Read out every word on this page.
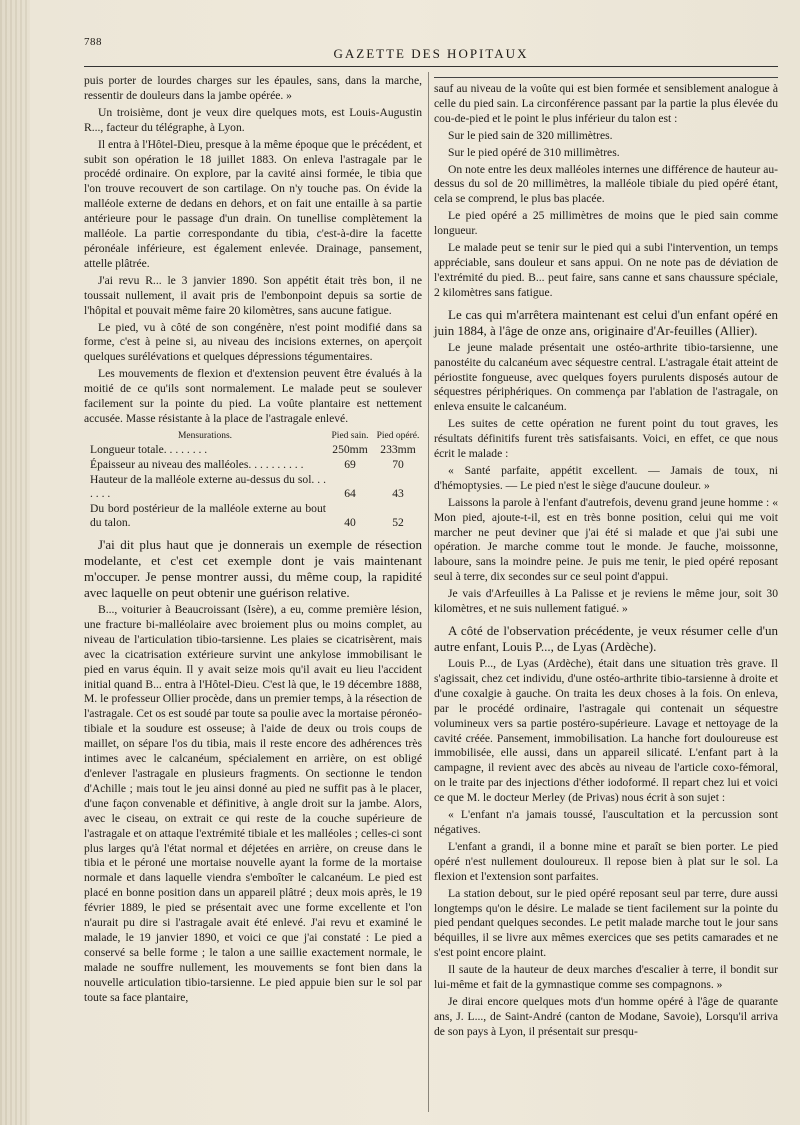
788
GAZETTE DES HOPITAUX

puis porter de lourdes charges sur les épaules, sans, dans la marche, ressentir de douleurs dans la jambe opérée. »

Un troisième, dont je veux dire quelques mots, est Louis-Augustin R..., facteur du télégraphe, à Lyon.

Il entra à l'Hôtel-Dieu, presque à la même époque que le précédent, et subit son opération le 18 juillet 1883. On enleva l'astragale par le procédé ordinaire. On explore, par la cavité ainsi formée, le tibia que l'on trouve recouvert de son cartilage. On n'y touche pas. On évide la malléole externe de dedans en dehors, et on fait une entaille à sa partie antérieure pour le passage d'un drain. On tunellise complètement la malléole. La partie correspondante du tibia, c'est-à-dire la facette péronéale inférieure, est également enlevée. Drainage, pansement, attelle plâtrée.

J'ai revu R... le 3 janvier 1890. Son appétit était très bon, il ne toussait nullement, il avait pris de l'embonpoint depuis sa sortie de l'hôpital et pouvait même faire 20 kilomètres, sans aucune fatigue.

Le pied, vu à côté de son congénère, n'est point modifié dans sa forme, c'est à peine si, au niveau des incisions externes, on aperçoit quelques surélévations et quelques dépressions tégumentaires.

Les mouvements de flexion et d'extension peuvent être évalués à la moitié de ce qu'ils sont normalement. Le malade peut se soulever facilement sur la pointe du pied. La voûte plantaire est nettement accusée. Masse résistante à la place de l'astragale enlevé.

Mensurations.	Pied sain.	Pied opéré.
Longueur totale. . . . . . . .	250mm	233mm
Épaisseur au niveau des malléoles. . . . . . . . . .	69	70
Hauteur de la malléole externe au-dessus du sol. . . . . . .	64	43
Du bord postérieur de la malléole externe au bout du talon.	40	52

J'ai dit plus haut que je donnerais un exemple de résection modelante, et c'est cet exemple dont je vais maintenant m'occuper. Je pense montrer aussi, du même coup, la rapidité avec laquelle on peut obtenir une guérison relative.

B..., voiturier à Beaucroissant (Isère), a eu, comme première lésion, une fracture bi-malléolaire avec broiement plus ou moins complet, au niveau de l'articulation tibio-tarsienne. Les plaies se cicatrisèrent, mais avec la cicatrisation extérieure survint une ankylose immobilisant le pied en varus équin. Il y avait seize mois qu'il avait eu lieu l'accident initial quand B... entra à l'Hôtel-Dieu. C'est là que, le 19 décembre 1888, M. le professeur Ollier procède, dans un premier temps, à la résection de l'astragale. Cet os est soudé par toute sa poulie avec la mortaise péronéo-tibiale et la soudure est osseuse; à l'aide de deux ou trois coups de maillet, on sépare l'os du tibia, mais il reste encore des adhérences très intimes avec le calcanéum, spécialement en arrière, on est obligé d'enlever l'astragale en plusieurs fragments. On sectionne le tendon d'Achille ; mais tout le jeu ainsi donné au pied ne suffit pas à le placer, d'une façon convenable et définitive, à angle droit sur la jambe. Alors, avec le ciseau, on extrait ce qui reste de la couche supérieure de l'astragale et on attaque l'extrémité tibiale et les malléoles ; celles-ci sont plus larges qu'à l'état normal et déjetées en arrière, on creuse dans le tibia et le péroné une mortaise nouvelle ayant la forme de la mortaise normale et dans laquelle viendra s'emboîter le calcanéum. Le pied est placé en bonne position dans un appareil plâtré ; deux mois après, le 19 février 1889, le pied se présentait avec une forme excellente et l'on n'aurait pu dire si l'astragale avait été enlevé. J'ai revu et examiné le malade, le 19 janvier 1890, et voici ce que j'ai constaté : Le pied a conservé sa belle forme ; le talon a une saillie exactement normale, le malade ne souffre nullement, les mouvements se font bien dans la nouvelle articulation tibio-tarsienne. Le pied appuie bien sur le sol par toute sa face plantaire,

sauf au niveau de la voûte qui est bien formée et sensiblement analogue à celle du pied sain. La circonférence passant par la partie la plus élevée du cou-de-pied et le point le plus inférieur du talon est :

Sur le pied sain de 320 millimètres.

Sur le pied opéré de 310 millimètres.

On note entre les deux malléoles internes une différence de hauteur au-dessus du sol de 20 millimètres, la malléole tibiale du pied opéré étant, cela se comprend, le plus bas placée.

Le pied opéré a 25 millimètres de moins que le pied sain comme longueur.

Le malade peut se tenir sur le pied qui a subi l'intervention, un temps appréciable, sans douleur et sans appui. On ne note pas de déviation de l'extrémité du pied. B... peut faire, sans canne et sans chaussure spéciale, 2 kilomètres sans fatigue.

Le cas qui m'arrêtera maintenant est celui d'un enfant opéré en juin 1884, à l'âge de onze ans, originaire d'Ar-feuilles (Allier).

Le jeune malade présentait une ostéo-arthrite tibio-tarsienne, une panostéite du calcanéum avec séquestre central. L'astragale était atteint de périostite fongueuse, avec quelques foyers purulents disposés autour de séquestres périphériques. On commença par l'ablation de l'astragale, on enleva ensuite le calcanéum.

Les suites de cette opération ne furent point du tout graves, les résultats définitifs furent très satisfaisants. Voici, en effet, ce que nous écrit le malade :

« Santé parfaite, appétit excellent. — Jamais de toux, ni d'hémoptysies. — Le pied n'est le siège d'aucune douleur. »

Laissons la parole à l'enfant d'autrefois, devenu grand jeune homme : « Mon pied, ajoute-t-il, est en très bonne position, celui qui me voit marcher ne peut deviner que j'ai été si malade et que j'ai subi une opération. Je marche comme tout le monde. Je fauche, moissonne, laboure, sans la moindre peine. Je puis me tenir, le pied opéré reposant seul à terre, dix secondes sur ce seul point d'appui.

Je vais d'Arfeuilles à La Palisse et je reviens le même jour, soit 30 kilomètres, et ne suis nullement fatigué. »

A côté de l'observation précédente, je veux résumer celle d'un autre enfant, Louis P..., de Lyas (Ardèche).

Louis P..., de Lyas (Ardèche), était dans une situation très grave. Il s'agissait, chez cet individu, d'une ostéo-arthrite tibio-tarsienne à droite et d'une coxalgie à gauche. On traita les deux choses à la fois. On enleva, par le procédé ordinaire, l'astragale qui contenait un séquestre volumineux vers sa partie postéro-supérieure. Lavage et nettoyage de la cavité créée. Pansement, immobilisation. La hanche fort douloureuse est immobilisée, elle aussi, dans un appareil silicaté. L'enfant part à la campagne, il revient avec des abcès au niveau de l'article coxo-fémoral, on le traite par des injections d'éther iodoformé. Il repart chez lui et voici ce que M. le docteur Merley (de Privas) nous écrit à son sujet :

« L'enfant n'a jamais toussé, l'auscultation et la percussion sont négatives.

L'enfant a grandi, il a bonne mine et paraît se bien porter. Le pied opéré n'est nullement douloureux. Il repose bien à plat sur le sol. La flexion et l'extension sont parfaites.

La station debout, sur le pied opéré reposant seul par terre, dure aussi longtemps qu'on le désire. Le malade se tient facilement sur la pointe du pied pendant quelques secondes. Le petit malade marche tout le jour sans béquilles, il se livre aux mêmes exercices que ses petits camarades et ne s'est point encore plaint.

Il saute de la hauteur de deux marches d'escalier à terre, il bondit sur lui-même et fait de la gymnastique comme ses compagnons. »

Je dirai encore quelques mots d'un homme opéré à l'âge de quarante ans, J. L..., de Saint-André (canton de Modane, Savoie), Lorsqu'il arriva de son pays à Lyon, il présentait sur presqu-
